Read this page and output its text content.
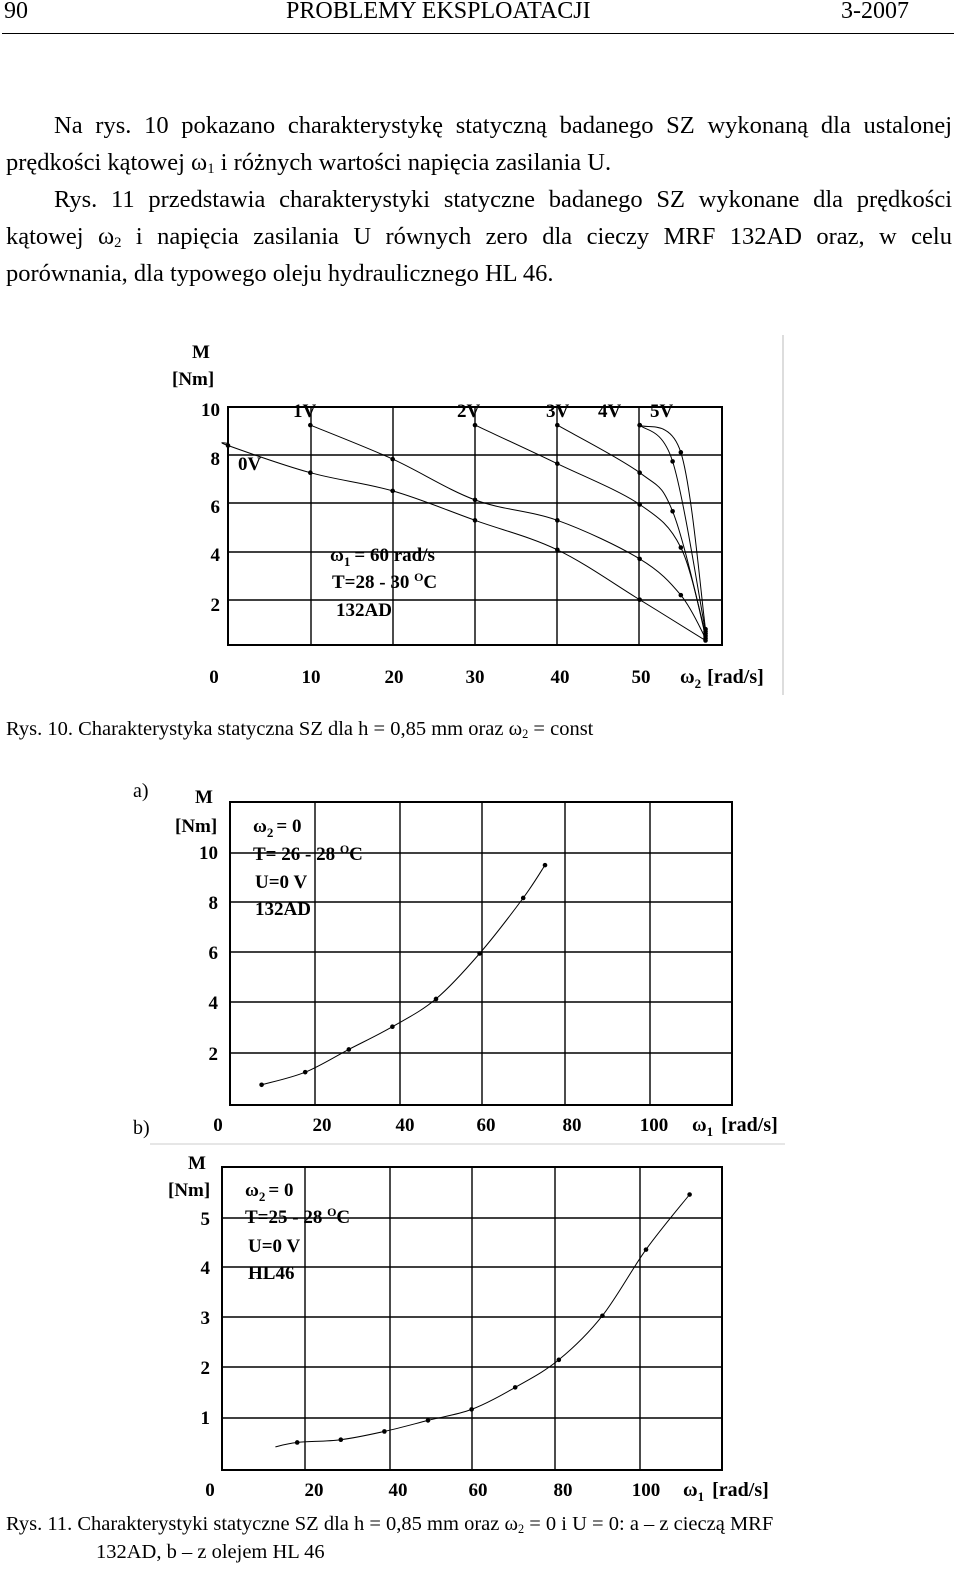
90	PROBLEMY EKSPLOATACJI	3-2007

Na rys. 10 pokazano charakterystykę statyczną badanego SZ wykonaną dla ustalonej prędkości kątowej $\omega_1$ i różnych wartości napięcia zasilania U.

Rys. 11 przedstawia charakterystyki statyczne badanego SZ wykonane dla prędkości kątowej $\omega_2$ i napięcia zasilania U równych zero dla cieczy MRF 132AD oraz, w celu porównania, dla typowego oleju hydraulicznego HL 46.

M
[Nm]
10
8
6
4
2
0	10	20	30	40	50
0V
1V	2V	3V 4V 5V
$\omega_2$ [rad/s]
$\omega_1 = 60$ rad/s
T=28 - 30 $^O$C
132AD
Rys. 10. Charakterystyka statyczna SZ dla h = 0,85 mm oraz $\omega_2$ = const
a) M
[Nm]
10
8
6
4
2
0	20	40	60	80	100 $\omega_1$ [rad/s]
$\omega_2 = 0$
T= 26 - 28 $^O$C
U=0 V
132AD
b)
M
[Nm]
5
4
3
2
1
0	20	40	60	80	100 $\omega_1$ [rad/s]
$\omega_2 = 0$
T=25 - 28 $^O$C
U=0 V
HL46
Rys. 11. Charakterystyki statyczne SZ dla h = 0,85 mm oraz $\omega_2 = 0$ i U = 0: a – z cieczą MRF
132AD, b – z olejem HL 46
